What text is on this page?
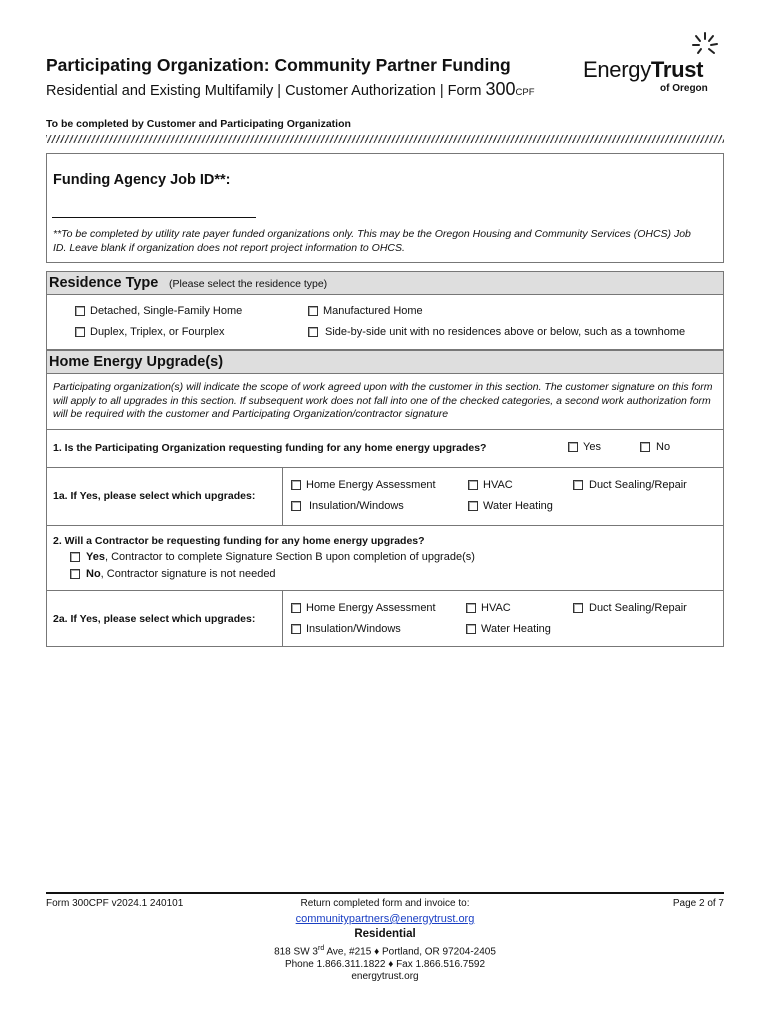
Participating Organization: Community Partner Funding
Residential and Existing Multifamily | Customer Authorization | Form 300CPF
EnergyTrust
of Oregon
To be completed by Customer and Participating Organization
Funding Agency Job ID**:
**To be completed by utility rate payer funded organizations only. This may be the Oregon Housing and Community Services (OHCS) Job ID. Leave blank if organization does not report project information to OHCS.
Residence Type (Please select the residence type)
Detached, Single-Family Home	Manufactured Home
Duplex, Triplex, or Fourplex	Side-by-side unit with no residences above or below, such as a townhome
Home Energy Upgrade(s)
Participating organization(s) will indicate the scope of work agreed upon with the customer in this section. The customer signature on this form will apply to all upgrades in this section. If subsequent work does not fall into one of the checked categories, a second work authorization form will be required with the customer and Participating Organization/contractor signature
1. Is the Participating Organization requesting funding for any home energy upgrades?	Yes	No
1a. If Yes, please select which upgrades:
Home Energy Assessment	HVAC	Duct Sealing/Repair
Insulation/Windows	Water Heating
2. Will a Contractor be requesting funding for any home energy upgrades?
Yes, Contractor to complete Signature Section B upon completion of upgrade(s)
No, Contractor signature is not needed
2a. If Yes, please select which upgrades:
Home Energy Assessment	HVAC	Duct Sealing/Repair
Insulation/Windows	Water Heating
Form 300CPF v2024.1 240101	Return completed form and invoice to:	Page 2 of 7
communitypartners@energytrust.org
Residential
818 SW 3rd Ave, #215 ♦ Portland, OR 97204-2405
Phone 1.866.311.1822 ♦ Fax 1.866.516.7592
energytrust.org
